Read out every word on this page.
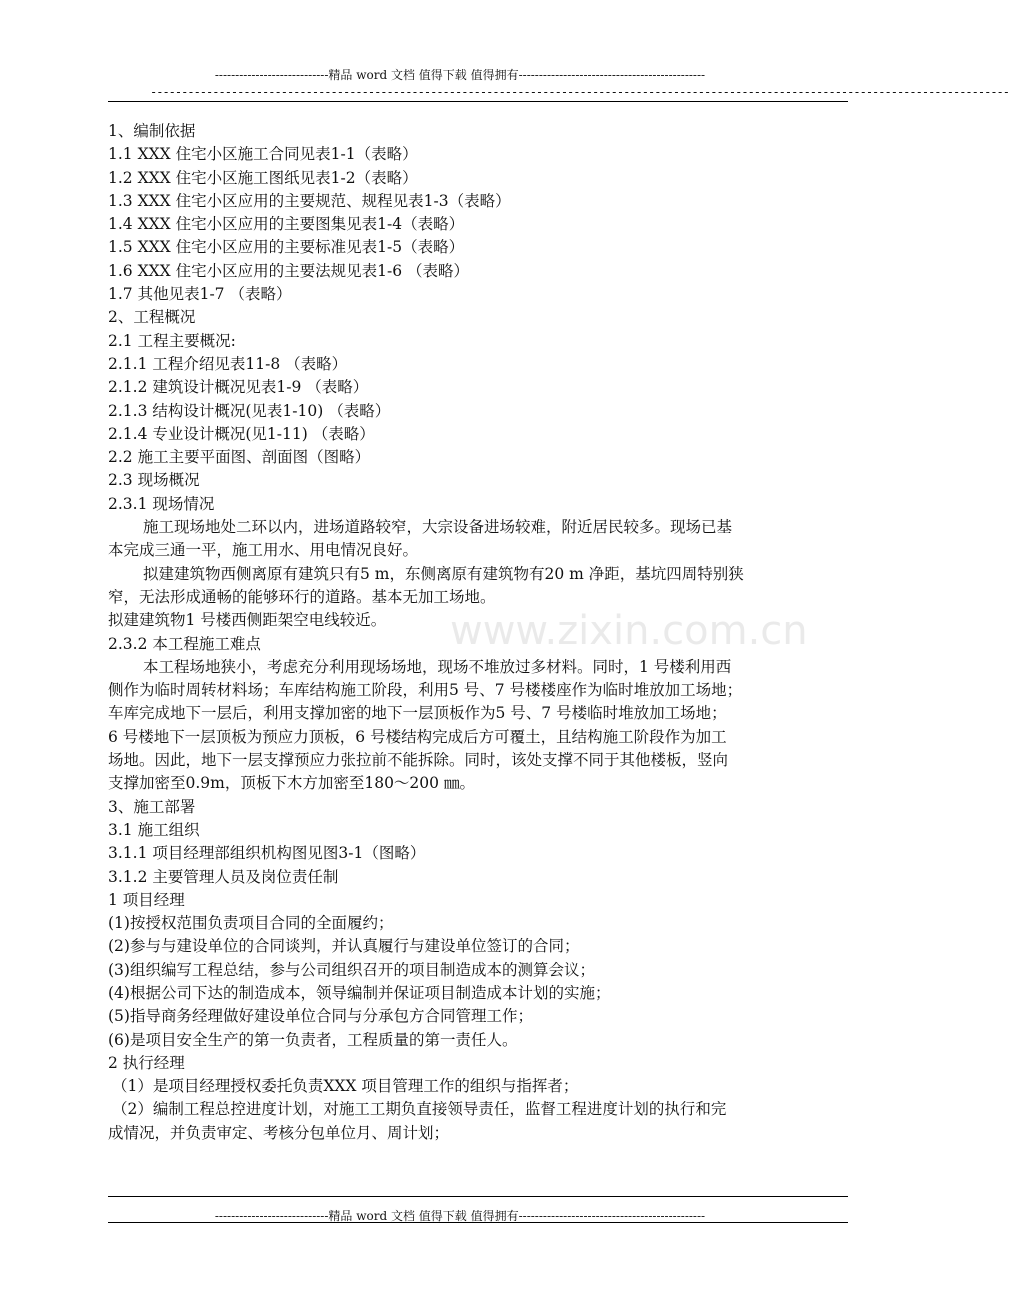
----------------------------精品 word 文档 值得下载 值得拥有----------------------------------------------
------------------------------------------------------------------------------------------------------------------------------------------
www.zixin.com.cn
1、编制依据
1.1 XXX 住宅小区施工合同见表1-1（表略）
1.2 XXX 住宅小区施工图纸见表1-2（表略）
1.3 XXX 住宅小区应用的主要规范、规程见表1-3（表略）
1.4 XXX 住宅小区应用的主要图集见表1-4（表略）
1.5 XXX 住宅小区应用的主要标准见表1-5（表略）
1.6 XXX 住宅小区应用的主要法规见表1-6 （表略）
1.7 其他见表1-7 （表略）
2、工程概况
2.1 工程主要概况:
2.1.1 工程介绍见表11-8 （表略）
2.1.2 建筑设计概况见表1-9 （表略）
2.1.3 结构设计概况(见表1-10) （表略）
2.1.4 专业设计概况(见1-11) （表略）
2.2 施工主要平面图、剖面图（图略）
2.3 现场概况
2.3.1 现场情况
施工现场地处二环以内，进场道路较窄，大宗设备进场较难，附近居民较多。现场已基
本完成三通一平，施工用水、用电情况良好。
拟建建筑物西侧离原有建筑只有5 m，东侧离原有建筑物有20 m 净距，基坑四周特别狭
窄，无法形成通畅的能够环行的道路。基本无加工场地。
拟建建筑物1 号楼西侧距架空电线较近。
2.3.2 本工程施工难点
本工程场地狭小，考虑充分利用现场场地，现场不堆放过多材料。同时，1 号楼利用西
侧作为临时周转材料场；车库结构施工阶段，利用5 号、7 号楼楼座作为临时堆放加工场地；
车库完成地下一层后，利用支撑加密的地下一层顶板作为5 号、7 号楼临时堆放加工场地；
6 号楼地下一层顶板为预应力顶板，6 号楼结构完成后方可覆土，且结构施工阶段作为加工
场地。因此，地下一层支撑预应力张拉前不能拆除。同时，该处支撑不同于其他楼板，竖向
支撑加密至0.9m，顶板下木方加密至180～200 ㎜。
3、施工部署
3.1 施工组织
3.1.1 项目经理部组织机构图见图3-1（图略）
3.1.2 主要管理人员及岗位责任制
1 项目经理
(1)按授权范围负责项目合同的全面履约；
(2)参与与建设单位的合同谈判，并认真履行与建设单位签订的合同；
(3)组织编写工程总结，参与公司组织召开的项目制造成本的测算会议；
(4)根据公司下达的制造成本，领导编制并保证项目制造成本计划的实施；
(5)指导商务经理做好建设单位合同与分承包方合同管理工作；
(6)是项目安全生产的第一负责者，工程质量的第一责任人。
2 执行经理
（1）是项目经理授权委托负责XXX 项目管理工作的组织与指挥者；
（2）编制工程总控进度计划，对施工工期负直接领导责任，监督工程进度计划的执行和完
成情况，并负责审定、考核分包单位月、周计划；
----------------------------精品 word 文档 值得下载 值得拥有----------------------------------------------
